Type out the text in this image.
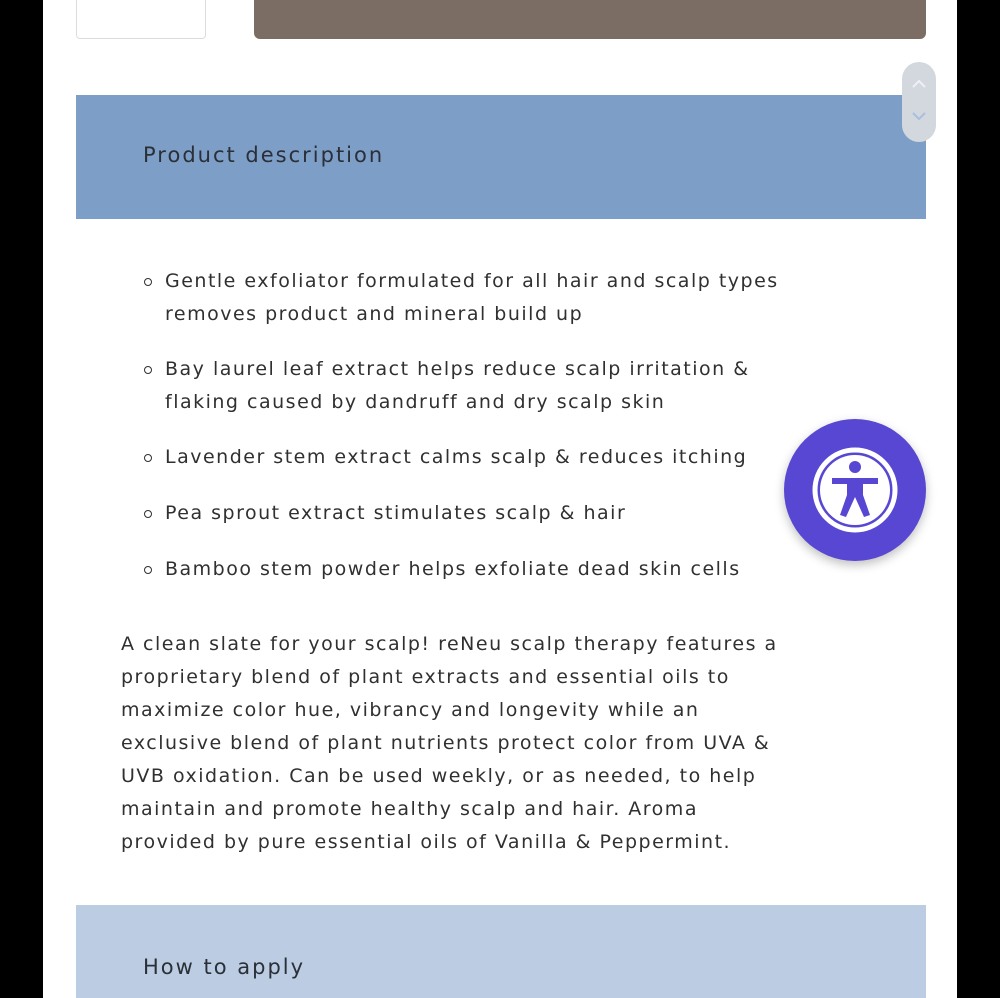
Product description
Gentle exfoliator formulated for all hair and scalp types
removes product and mineral build up
Bay laurel leaf extract helps reduce scalp irritation &
flaking caused by dandruff and dry scalp skin
Lavender stem extract calms scalp & reduces itching
Pea sprout extract stimulates scalp & hair
Bamboo stem powder helps exfoliate dead skin cells

A clean slate for your scalp! reNeu scalp therapy features a
proprietary blend of plant extracts and essential oils to
maximize color hue, vibrancy and longevity while an
exclusive blend of plant nutrients protect color from UVA &
UVB oxidation. Can be used weekly, or as needed, to help
maintain and promote healthy scalp and hair. Aroma
provided by pure essential oils of Vanilla & Peppermint.

How to apply
